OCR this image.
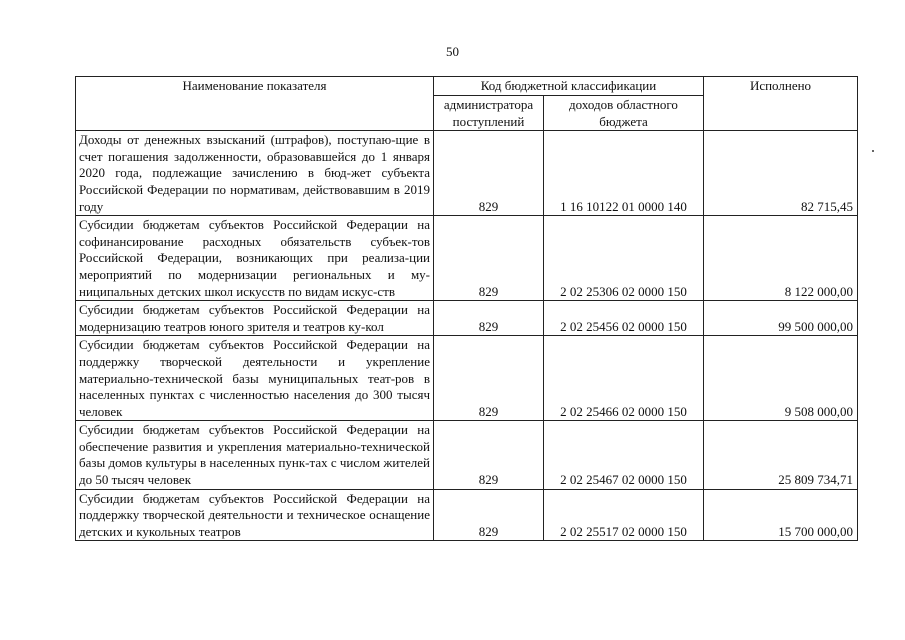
50
Наименование показателя	Код бюджетной классификации		Исполнено
	администратора поступлений	доходов областного бюджета	
Доходы от денежных взысканий (штрафов), поступаю-щие в счет погашения задолженности, образовавшейся до 1 января 2020 года, подлежащие зачислению в бюд-жет субъекта Российской Федерации по нормативам, действовавшим в 2019 году	829	1 16 10122 01 0000 140	82 715,45
Субсидии бюджетам субъектов Российской Федерации на софинансирование расходных обязательств субъек-тов Российской Федерации, возникающих при реализа-ции мероприятий по модернизации региональных и му-ниципальных детских школ искусств по видам искус-ств	829	2 02 25306 02 0000 150	8 122 000,00
Субсидии бюджетам субъектов Российской Федерации на модернизацию театров юного зрителя и театров ку-кол	829	2 02 25456 02 0000 150	99 500 000,00
Субсидии бюджетам субъектов Российской Федерации на поддержку творческой деятельности и укрепление материально-технической базы муниципальных теат-ров в населенных пунктах с численностью населения до 300 тысяч человек	829	2 02 25466 02 0000 150	9 508 000,00
Субсидии бюджетам субъектов Российской Федерации на обеспечение развития и укрепления материально-технической базы домов культуры в населенных пунк-тах с числом жителей до 50 тысяч человек	829	2 02 25467 02 0000 150	25 809 734,71
Субсидии бюджетам субъектов Российской Федерации на поддержку творческой деятельности и техническое оснащение детских и кукольных театров	829	2 02 25517 02 0000 150	15 700 000,00
